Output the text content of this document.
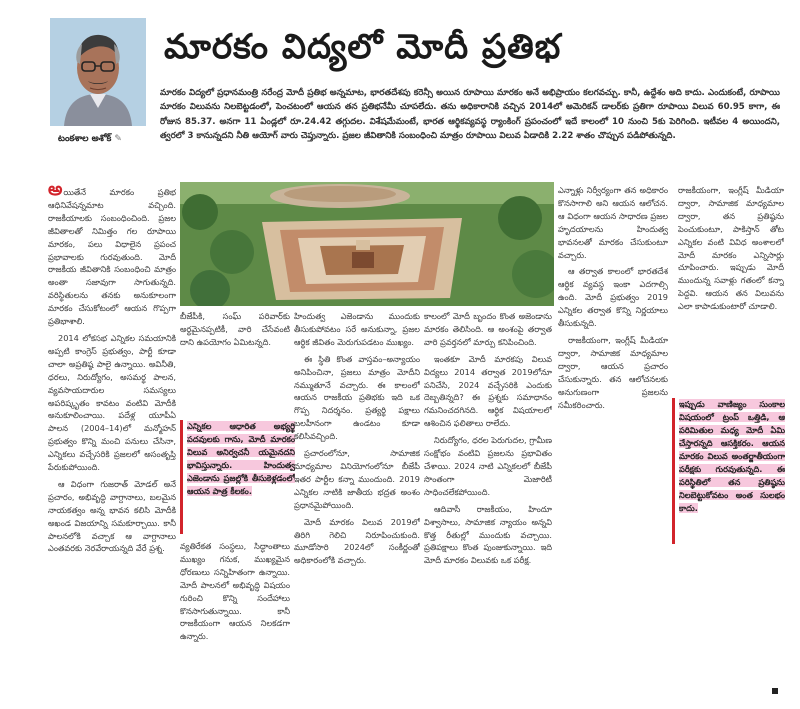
టంకశాల అశోక్ ✎
మారకం విద్యలో మోదీ ప్రతిభ
మారకం విద్యలో ప్రధానమంత్రి నరేంద్ర మోదీ ప్రతిభ అన్నమాట, భారతదేశపు కరెన్సీ అయిన రూపాయి మారకం అనే అభిప్రాయం కలగవచ్చు. కానీ, ఉద్దేశం అది కాదు. ఎందుకంటే, రూపాయి మారకం విలువను నిలబెట్టడంలో, పెంచటంలో ఆయన తన ప్రతిభనేమీ చూపలేదు. తను అధికారానికి వచ్చిన 2014లో అమెరికన్ డాలర్‌కు ప్రతిగా రూపాయి విలువ 60.95 కాగా, ఈ రోజున 85.37. అనగా 11 ఏండ్లలో రూ.24.42 తగ్గుదల. విశేషమేమంటే, భారత ఆర్థికవ్యవస్థ ర్యాంకింగ్ ప్రపంచంలో ఇదే కాలంలో 10 నుంచి 5కు పెరిగింది. ఇటీవల 4 అయిందని, త్వరలో 3 కానున్నదని నీతి ఆయోగ్ వారు చెప్తున్నారు. ప్రజల జీవితానికి సంబంధించి మాత్రం రూపాయి విలువ ఏడాదికి 2.22 శాతం చొప్పున పడిపోతున్నది.

అయితేనే మారకం ప్రతిభ ఆధినివేషన్నమాట వచ్చింది. రాజకీయాలకు సంబంధించింది. ప్రజల జీవితాలతో నిమిత్తం గల రూపాయి మారకం, పలు విధాలైన ప్రపంచ ప్రభావాలకు గురవుతుంది. మోదీ రాజకీయ జీవితానికి సంబంధించి మాత్రం అంతా సజావుగా సాగుతున్నది. వరిస్థితులను తనకు అనుకూలంగా మారకం చేసుకోటంలో ఆయన గొప్పగా ప్రతిభాశాలి.

2014 లోకసభ ఎన్నికల సమయానికి అప్పటి కాంగ్రెస్ ప్రభుత్వం, పార్టీ కూడా చాలా అప్రతిష్ఠ పాలై ఉన్నాయి. అవినీతి, ధరలు, నిరుద్యోగం, అసమర్థ పాలన, వ్యవసాయదారుల సమస్యలు అపరిష్కృతం కావటం వంటివి మోదీకి అనుకూలించాయి. పదేళ్ల యూపీఏ పాలన (2004–14)లో మన్మోహన్ ప్రభుత్వం కొన్ని మంచి పనులు చేసినా, ఎన్నికలు వచ్చేసరికి ప్రజలలో అసంతృప్తి పేరుకుపోయింది.

ఆ విధంగా గుజరాత్ మోడల్ అనే ప్రచారం, అభివృద్ధి వాగ్దానాలు, బలమైన నాయకత్వం అన్న భావన కలిసి మోదీకి అఖండ విజయాన్ని సమకూర్చాయి. కానీ పాలనలోకి వచ్చాక ఆ వాగ్దానాలు ఎంతవరకు నెరవేరాయన్నది వేరే ప్రశ్న.

బీజేపీకి, సంఘ్ పరివార్‌కు అర్థమైనప్పటికీ, వారి చేసేవంటి దాని ఉపయోగం ఏమిటన్నది.

ఎన్నికల ఆధారిత అభ్యర్థి పదవులకు గాను, మోదీ మారకం విలువ అనిర్వచనీ యమైనదని భావిస్తున్నారు. హిందుత్వ ఎజెండాను ప్రజల్లోకి తీసుకెళ్లడంలో ఆయన పాత్ర కీలకం.

వ్యతిరేకత సంస్థలు, సిద్ధాంతాలు ముఖ్యం గనుక, ముఖ్యమైన ధోరణులు సన్నిహితంగా ఉన్నాయి. మోదీ పాలనలో అభివృద్ధి విషయం గురించి కొన్ని సందేహాలు కొనసాగుతున్నాయి. కానీ రాజకీయంగా ఆయన నిలకడగా ఉన్నారు.

హిందుత్వ ఎజెండాను ముందుకు తీసుకుపోవటం సరే అనుకున్నా, ప్రజల ఆర్థిక జీవితం మెరుగుపడటం ముఖ్యం.

ఈ స్థితి కొంత వాస్తవం–అన్యాయం అనిపించినా, ప్రజలు మాత్రం మోదీని నమ్ముతూనే వచ్చారు. ఈ కాలంలో ఆయన రాజకీయ ప్రతిభకు ఇది ఒక గొప్ప నిదర్శనం. ప్రత్యర్థి పక్షాలు బలహీనంగా ఉండటం కూడా కలిసివచ్చింది.

ప్రచారంలోనూ, సామాజిక మాధ్యమాల వినియోగంలోనూ బీజేపీ ఇతర పార్టీల కన్నా ముందుంది. 2019 ఎన్నికల నాటికి జాతీయ భద్రత అంశం ప్రధానమైపోయింది.

మోదీ మారకం విలువ 2019లో తిరిగి గెలిచి నిరూపించుకుంది. మూడోసారి 2024లో సంకీర్ణంతో అధికారంలోకి వచ్చారు.

కాలంలో మోదీ బృందం కొంత అజెండాను మారకం తెలిసింది. ఆ అంశంపై తర్వాత వారి ప్రవర్తనలో మార్పు కనిపించింది.

ఇంతకూ మోదీ మారకపు విలువ విద్యలు 2014 తర్వాత 2019లోనూ పనిచేసి, 2024 వచ్చేసరికి ఎందుకు దెబ్బతిన్నది? ఈ ప్రశ్నకు సమాధానం గమనించదగినది. ఆర్థిక విషయాలలో ఆశించిన ఫలితాలు రాలేదు.

నిరుద్యోగం, ధరల పెరుగుదల, గ్రామీణ సంక్షోభం వంటివి ప్రజలను ప్రభావితం చేశాయి. 2024 నాటి ఎన్నికలలో బీజేపీ సొంతంగా మెజారిటీ సాధించలేకపోయింది.

ఆదివాసీ రాజకీయం, హిందూ విశ్వాసాలు, సామాజిక న్యాయం అన్నవి కొత్త రీతుల్లో ముందుకు వచ్చాయి. ప్రతిపక్షాలు కొంత పుంజుకున్నాయి. ఇది మోదీ మారకం విలువకు ఒక పరీక్ష.

ఎన్నాళ్లు నిర్వీర్యంగా తన అధికారం కొనసాగాలి అని ఆయన ఆలోచన. ఆ విధంగా ఆయన సాధారణ ప్రజల హృదయాలను హిందుత్వ భావనలతో మారకం చేసుకుంటూ వచ్చారు.

ఆ తర్వాత కాలంలో భారతదేశ ఆర్థిక వ్యవస్థ ఇంకా ఎదగాల్సి ఉంది. మోదీ ప్రభుత్వం 2019 ఎన్నికల తర్వాత కొన్ని నిర్ణయాలు తీసుకున్నది.

రాజకీయంగా, ఇంగ్లీష్ మీడియా ద్వారా, సామాజిక మాధ్యమాల ద్వారా, ఆయన ప్రచారం చేసుకున్నారు. తన ఆలోచనలకు అనుగుణంగా ప్రజలను సమీకరించారు.

రాజకీయంగా, ఇంగ్లీష్ మీడియా ద్వారా, సామాజిక మాధ్యమాల ద్వారా, తన ప్రతిష్ఠను పెంచుకుంటూ, పాకిస్తాన్ తోట ఎన్నికల వంటి వివిధ అంశాలలో మోదీ మారకం ఎన్నిసార్లు చూపించారు. ఇప్పుడు మోదీ ముందున్న సవాళ్లు గతంలో కన్నా పెద్దవి. ఆయన తన విలువను ఎలా కాపాడుకుంటారో చూడాలి.

ఇప్పుడు వాణిజ్యం సుంకాల విషయంలో ట్రంప్ ఒత్తిడి, ఆ పరిమితుల మధ్య మోదీ ఏమి చేస్తారన్నది ఆసక్తికరం. ఆయన మారకం విలువ అంతర్జాతీయంగా పరీక్షకు గురవుతున్నది. ఈ పరిస్థితిలో తన ప్రతిష్ఠను నిలబెట్టుకోవటం అంత సులభం కాదు.
